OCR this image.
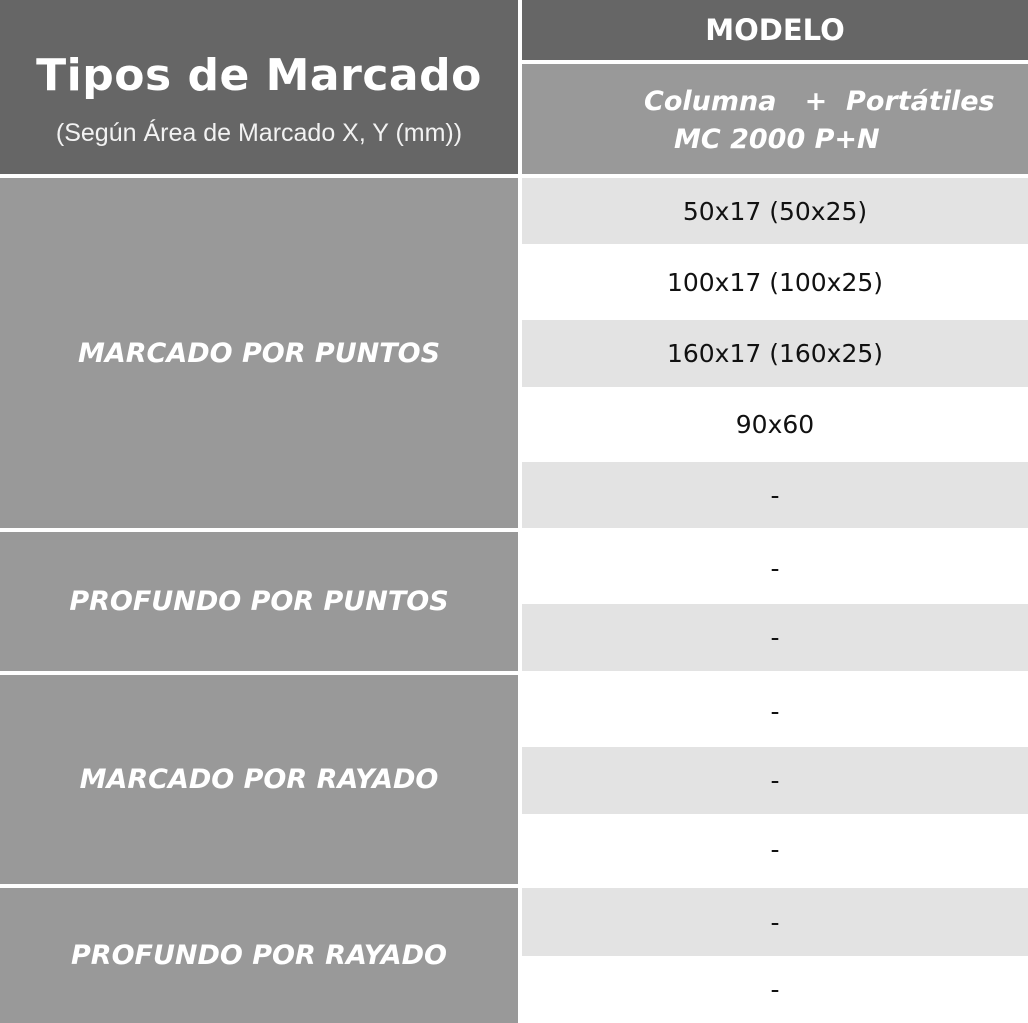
Tipos de Marcado
(Según Área de Marcado X, Y (mm))
MODELO
Columna   +  Portátiles
MC 2000 P+N
MARCADO POR PUNTOS
PROFUNDO POR PUNTOS
MARCADO POR RAYADO
PROFUNDO POR RAYADO
50x17 (50x25)
100x17 (100x25)
160x17 (160x25)
90x60
-
-
-
-
-
-
-
-
